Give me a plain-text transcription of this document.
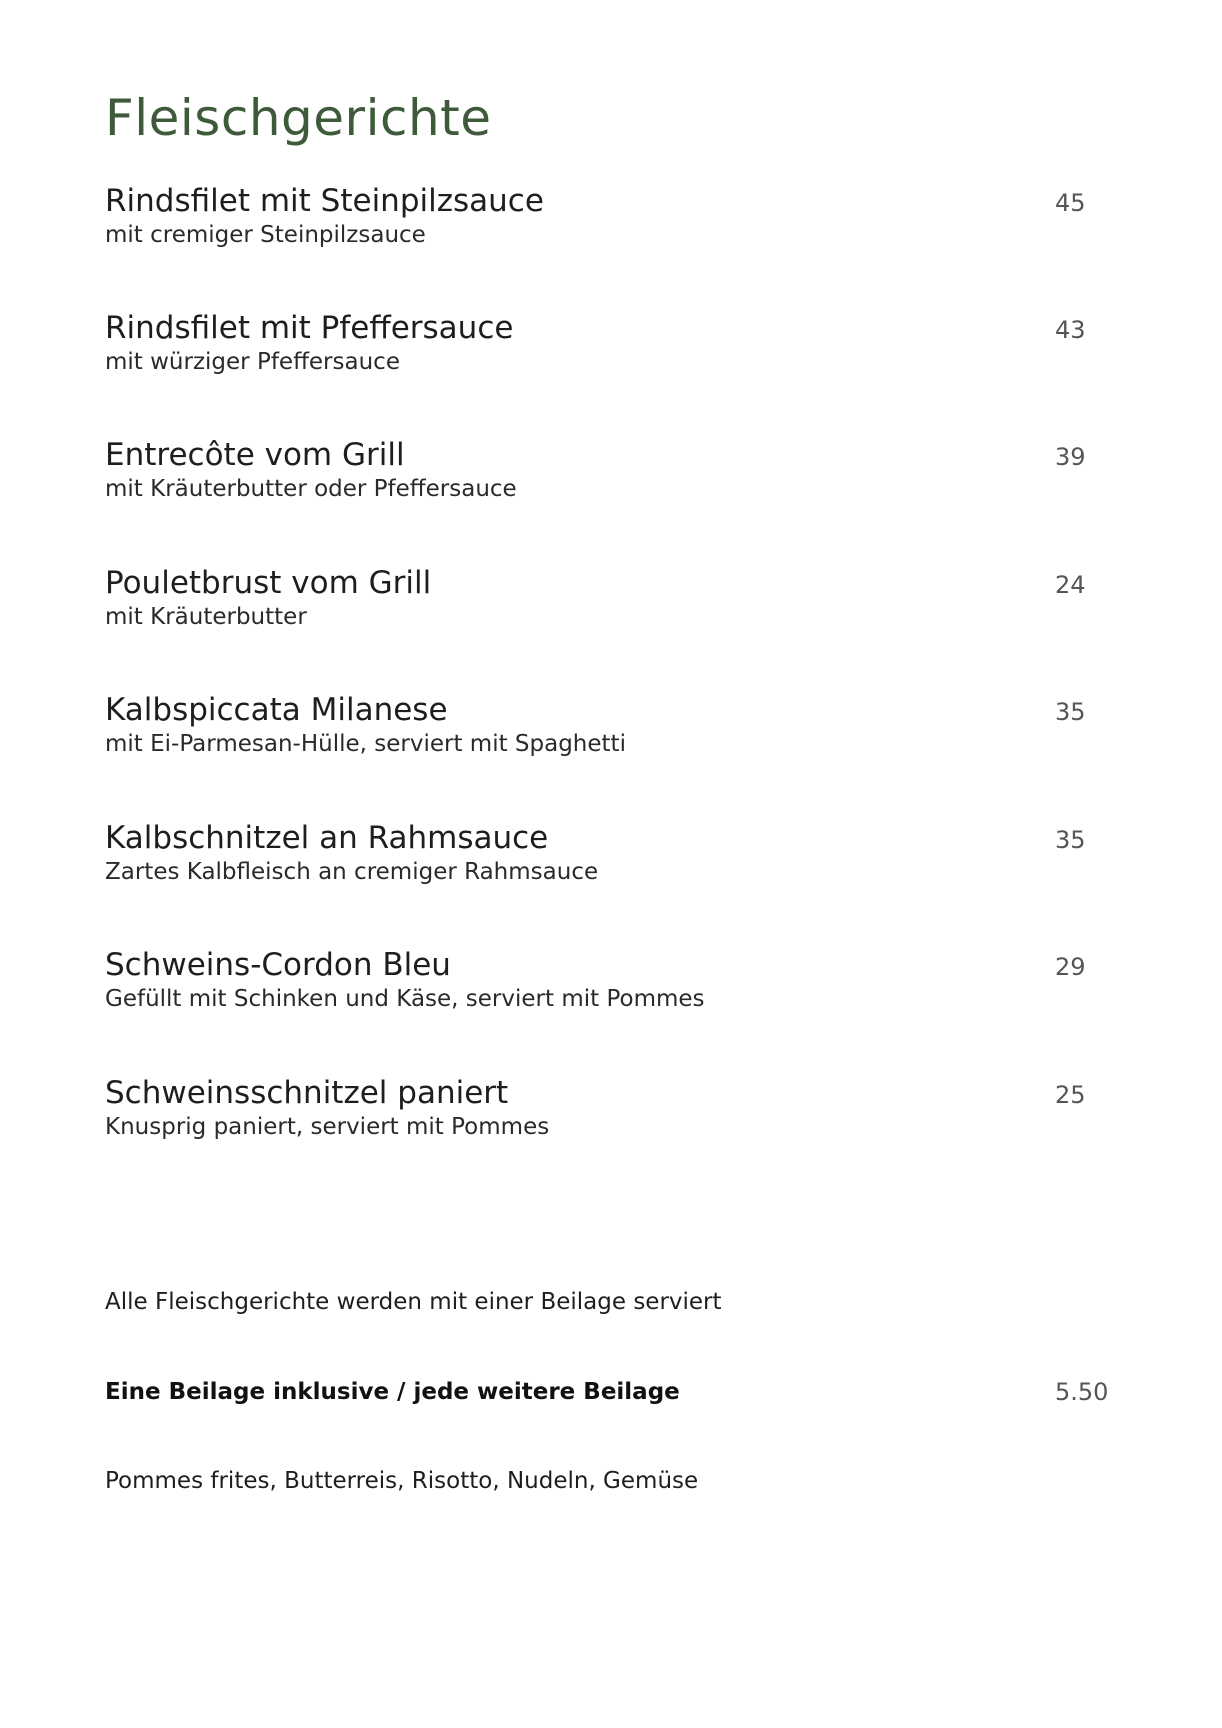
Fleischgerichte
Rindsfilet mit Steinpilzsauce
mit cremiger Steinpilzsauce
45
Rindsfilet mit Pfeffersauce
mit würziger Pfeffersauce
43
Entrecôte vom Grill
mit Kräuterbutter oder Pfeffersauce
39
Pouletbrust vom Grill
mit Kräuterbutter
24
Kalbspiccata Milanese
mit Ei-Parmesan-Hülle, serviert mit Spaghetti
35
Kalbschnitzel an Rahmsauce
Zartes Kalbfleisch an cremiger Rahmsauce
35
Schweins-Cordon Bleu
Gefüllt mit Schinken und Käse, serviert mit Pommes
29
Schweinsschnitzel paniert
Knusprig paniert, serviert mit Pommes
25
Alle Fleischgerichte werden mit einer Beilage serviert
Eine Beilage inklusive / jede weitere Beilage	5.50
Pommes frites, Butterreis, Risotto, Nudeln, Gemüse
